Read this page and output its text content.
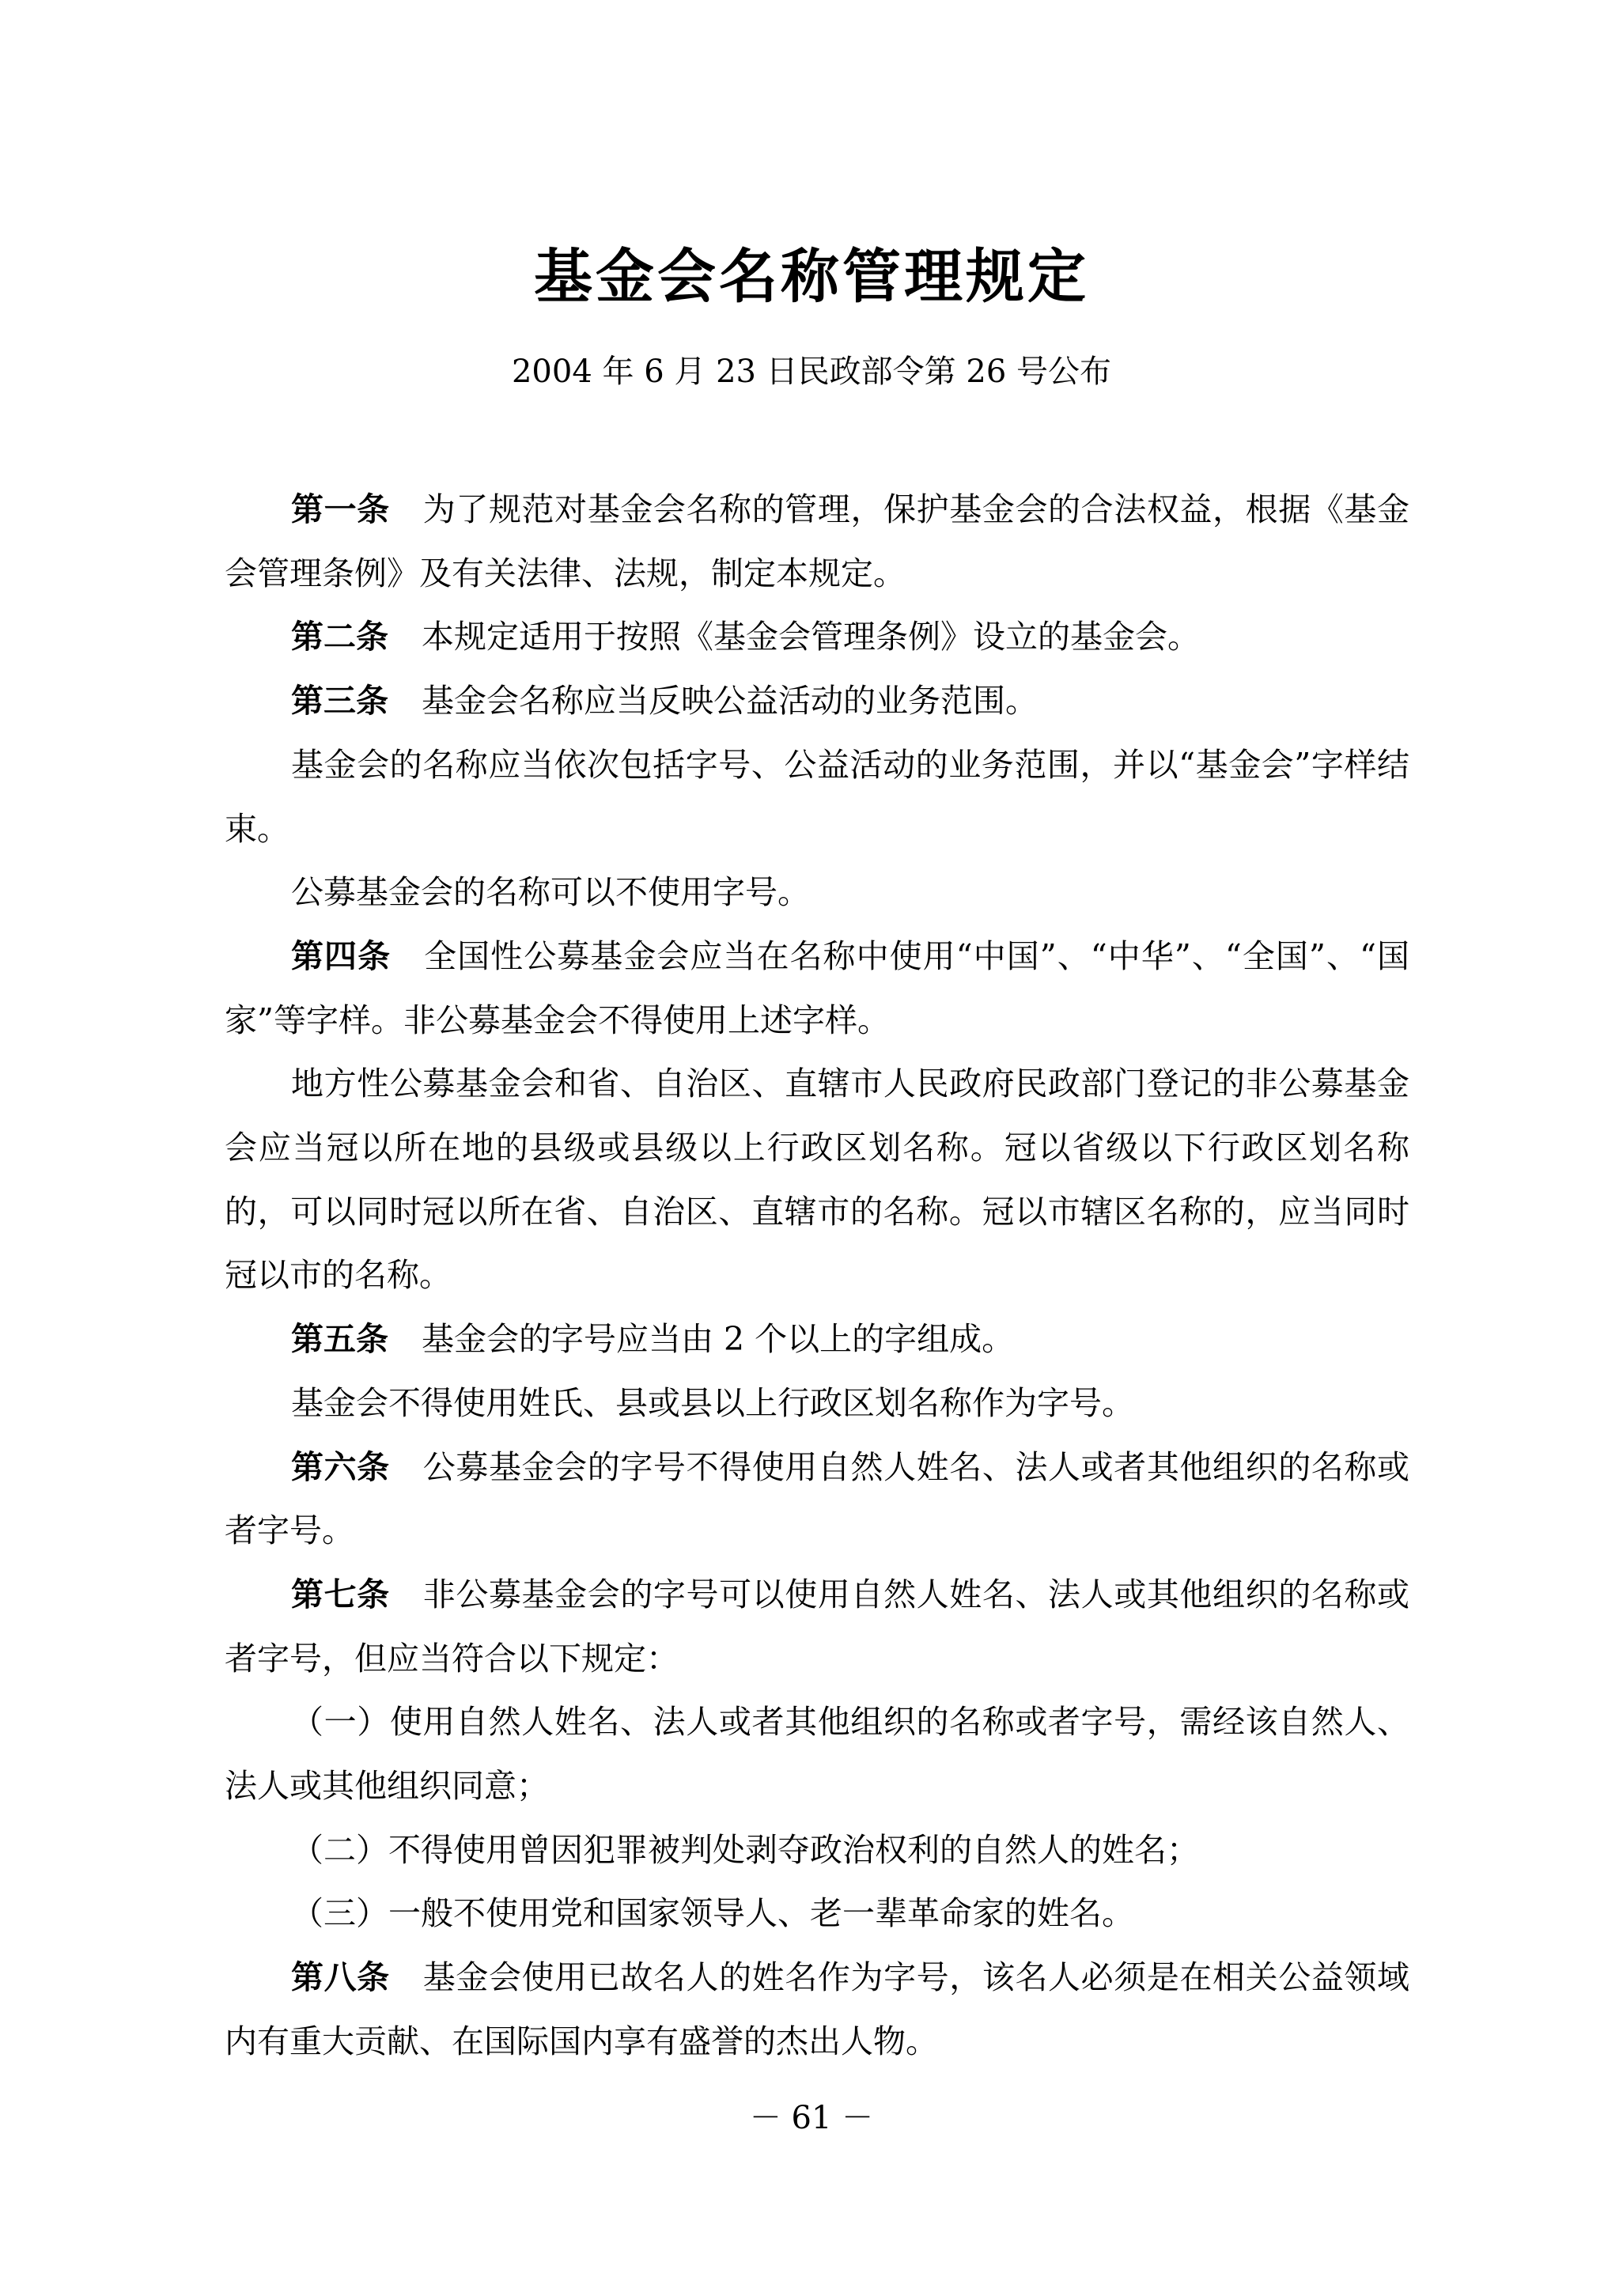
基金会名称管理规定
2004 年 6 月 23 日民政部令第 26 号公布

第一条 为了规范对基金会名称的管理，保护基金会的合法权益，根据《基金会管理条例》及有关法律、法规，制定本规定。

第二条 本规定适用于按照《基金会管理条例》设立的基金会。

第三条 基金会名称应当反映公益活动的业务范围。

基金会的名称应当依次包括字号、公益活动的业务范围，并以“基金会”字样结束。

公募基金会的名称可以不使用字号。

第四条 全国性公募基金会应当在名称中使用“中国”、“中华”、“全国”、“国家”等字样。非公募基金会不得使用上述字样。

地方性公募基金会和省、自治区、直辖市人民政府民政部门登记的非公募基金会应当冠以所在地的县级或县级以上行政区划名称。冠以省级以下行政区划名称的，可以同时冠以所在省、自治区、直辖市的名称。冠以市辖区名称的，应当同时冠以市的名称。

第五条 基金会的字号应当由 2 个以上的字组成。

基金会不得使用姓氏、县或县以上行政区划名称作为字号。

第六条 公募基金会的字号不得使用自然人姓名、法人或者其他组织的名称或者字号。

第七条 非公募基金会的字号可以使用自然人姓名、法人或其他组织的名称或者字号，但应当符合以下规定：

（一）使用自然人姓名、法人或者其他组织的名称或者字号，需经该自然人、法人或其他组织同意；

（二）不得使用曾因犯罪被判处剥夺政治权利的自然人的姓名；

（三）一般不使用党和国家领导人、老一辈革命家的姓名。

第八条 基金会使用已故名人的姓名作为字号，该名人必须是在相关公益领域内有重大贡献、在国际国内享有盛誉的杰出人物。

－ 61 －
